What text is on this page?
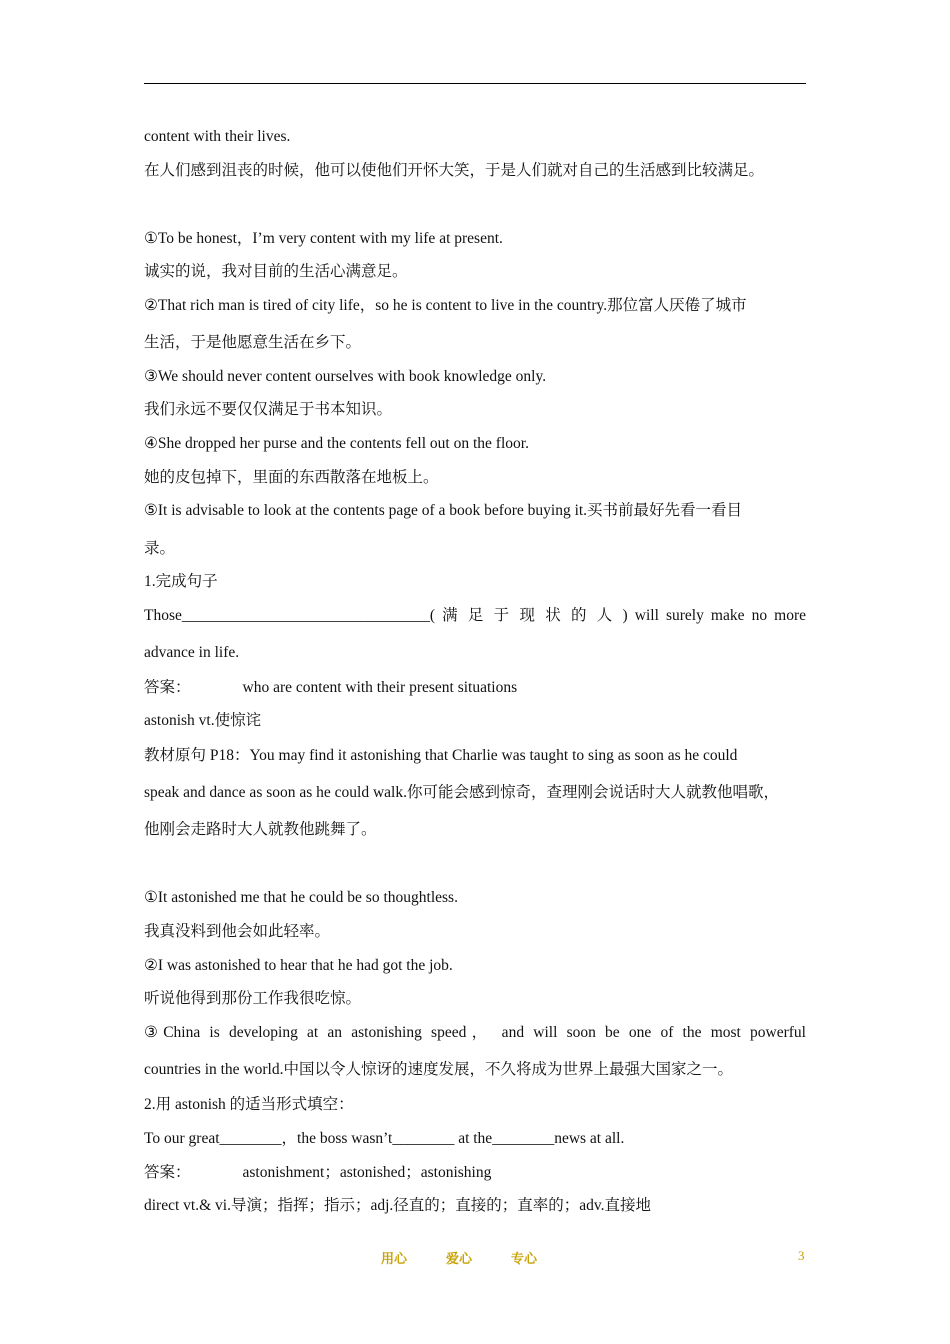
content with their lives.
在人们感到沮丧的时候，他可以使他们开怀大笑，于是人们就对自己的生活感到比较满足。
①To be honest，I’m very content with my life at present.
诚实的说，我对目前的生活心满意足。
②That rich man is tired of city life，so he is content to live in the country.那位富人厌倦了城市
生活，于是他愿意生活在乡下。
③We should never content ourselves with book knowledge only.
我们永远不要仅仅满足于书本知识。
④She dropped her purse and the contents fell out on the floor.
她的皮包掉下，里面的东西散落在地板上。
⑤It is advisable to look at the contents page of a book before buying it.买书前最好先看一看目
录。
1.完成句子
Those________________________________( 满 足 于 现 状 的 人 ) will surely make no more
advance in life.
答案：	who are content with their present situations
astonish vt.使惊诧
教材原句 P18：You may find it astonishing that Charlie was taught to sing as soon as he could
speak and dance as soon as he could walk.你可能会感到惊奇，查理刚会说话时大人就教他唱歌，
他刚会走路时大人就教他跳舞了。
①It astonished me that he could be so thoughtless.
我真没料到他会如此轻率。
②I was astonished to hear that he had got the job.
听说他得到那份工作我很吃惊。
③China is developing at an astonishing speed， and will soon be one of the most powerful
countries in the world.中国以令人惊讶的速度发展，不久将成为世界上最强大国家之一。
2.用 astonish 的适当形式填空：
To our great________，the boss wasn’t________ at the________news at all.
答案：	astonishment；astonished；astonishing
direct vt.& vi.导演；指挥；指示；adj.径直的；直接的；直率的；adv.直接地
用心	爱心	专心	3
